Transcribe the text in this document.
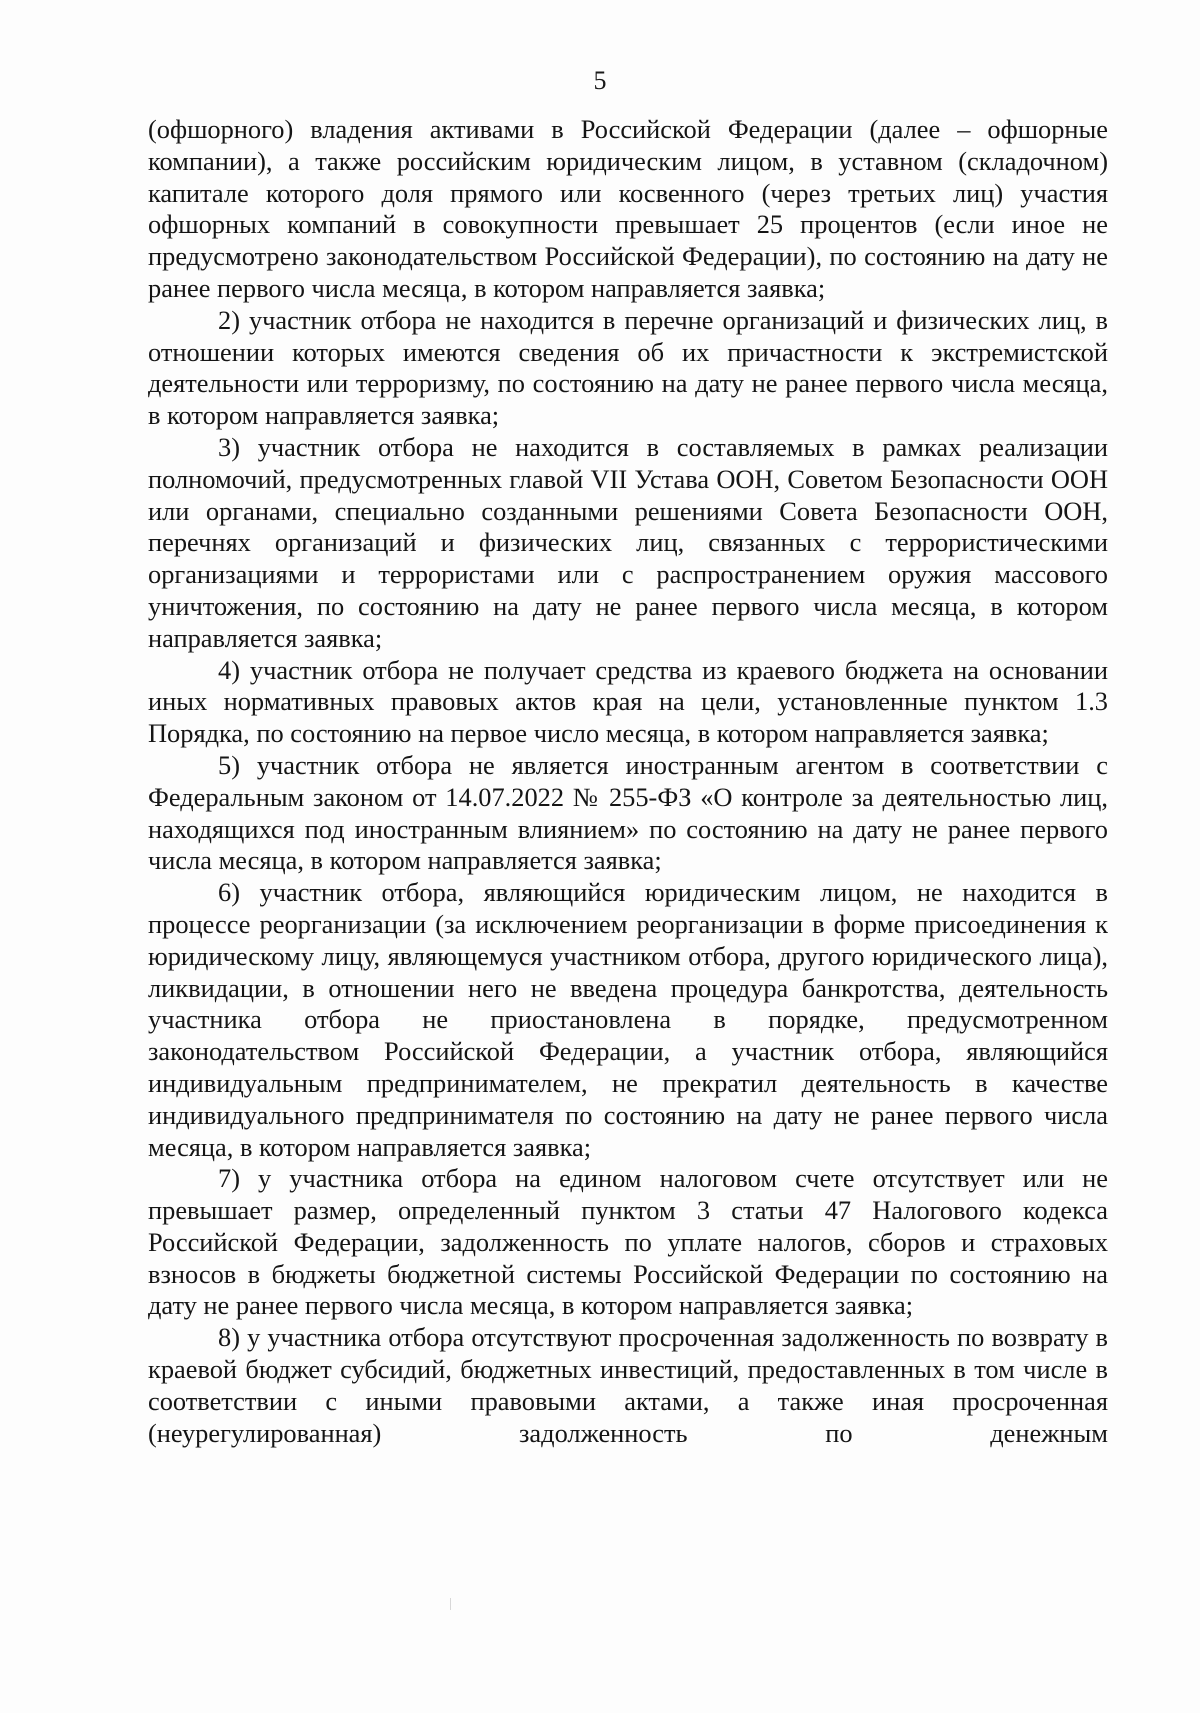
5

(офшорного) владения активами в Российской Федерации (далее – офшорные компании), а также российским юридическим лицом, в уставном (складочном) капитале которого доля прямого или косвенного (через третьих лиц) участия офшорных компаний в совокупности превышает 25 процентов (если иное не предусмотрено законодательством Российской Федерации), по состоянию на дату не ранее первого числа месяца, в котором направляется заявка;

2) участник отбора не находится в перечне организаций и физических лиц, в отношении которых имеются сведения об их причастности к экстремистской деятельности или терроризму, по состоянию на дату не ранее первого числа месяца, в котором направляется заявка;

3) участник отбора не находится в составляемых в рамках реализации полномочий, предусмотренных главой VII Устава ООН, Советом Безопасности ООН или органами, специально созданными решениями Совета Безопасности ООН, перечнях организаций и физических лиц, связанных с террористическими организациями и террористами или с распространением оружия массового уничтожения, по состоянию на дату не ранее первого числа месяца, в котором направляется заявка;

4) участник отбора не получает средства из краевого бюджета на основании иных нормативных правовых актов края на цели, установленные пунктом 1.3 Порядка, по состоянию на первое число месяца, в котором направляется заявка;

5) участник отбора не является иностранным агентом в соответствии с Федеральным законом от 14.07.2022 № 255-ФЗ «О контроле за деятельностью лиц, находящихся под иностранным влиянием» по состоянию на дату не ранее первого числа месяца, в котором направляется заявка;

6) участник отбора, являющийся юридическим лицом, не находится в процессе реорганизации (за исключением реорганизации в форме присоединения к юридическому лицу, являющемуся участником отбора, другого юридического лица), ликвидации, в отношении него не введена процедура банкротства, деятельность участника отбора не приостановлена в порядке, предусмотренном законодательством Российской Федерации, а участник отбора, являющийся индивидуальным предпринимателем, не прекратил деятельность в качестве индивидуального предпринимателя по состоянию на дату не ранее первого числа месяца, в котором направляется заявка;

7) у участника отбора на едином налоговом счете отсутствует или не превышает размер, определенный пунктом 3 статьи 47 Налогового кодекса Российской Федерации, задолженность по уплате налогов, сборов и страховых взносов в бюджеты бюджетной системы Российской Федерации по состоянию на дату не ранее первого числа месяца, в котором направляется заявка;

8) у участника отбора отсутствуют просроченная задолженность по возврату в краевой бюджет субсидий, бюджетных инвестиций, предоставленных в том числе в соответствии с иными правовыми актами, а также иная просроченная (неурегулированная) задолженность по денежным
